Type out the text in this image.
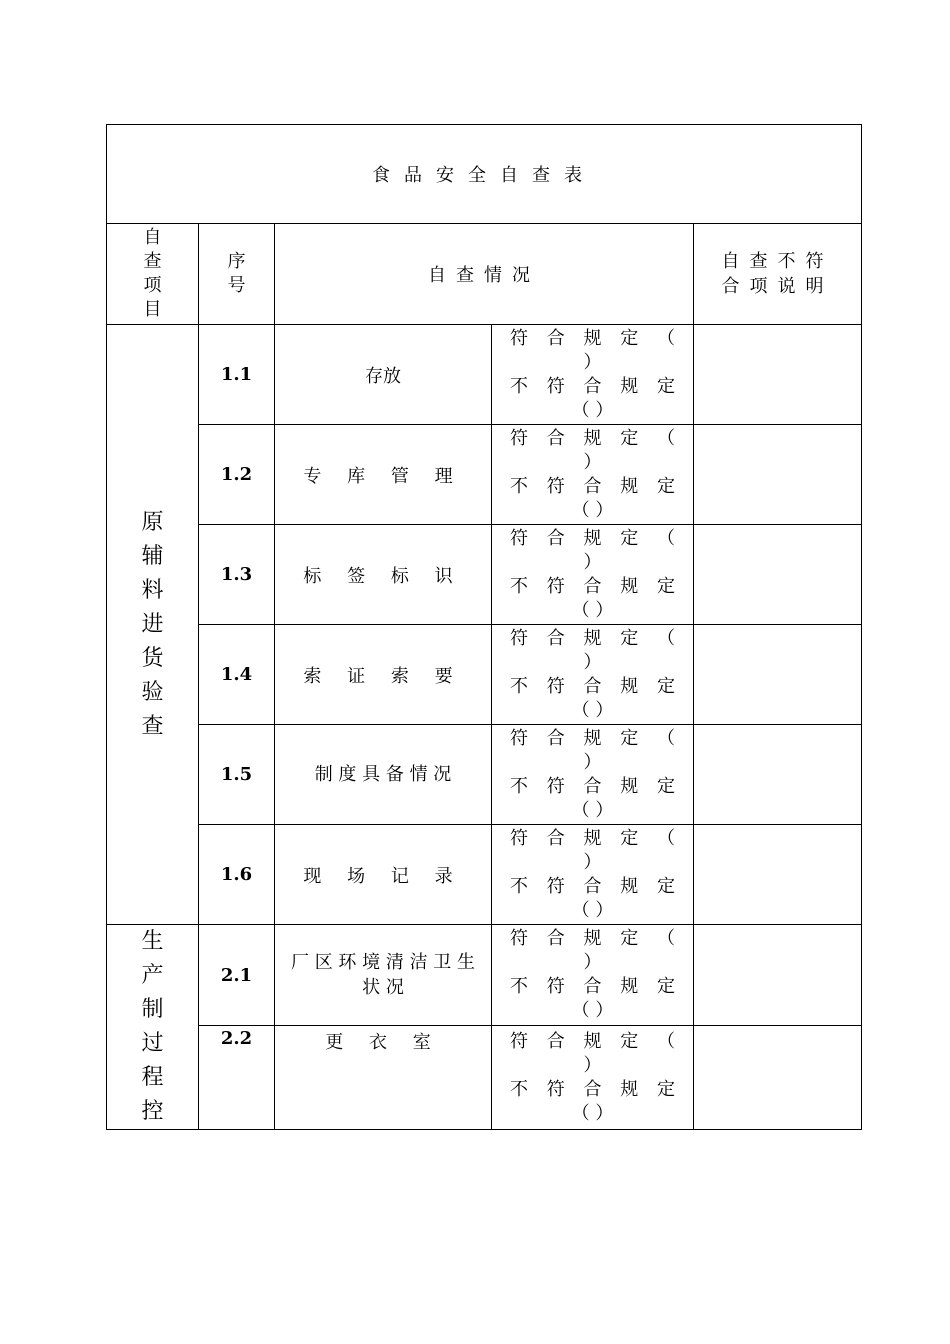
食品安全自查表				
自查项目	序号	自查情况		自查不符合项说明
原辅料进货验查	1.1	存放	符 合 规 定 （
）
不 符 合 规 定
（ ）	

	1.2	专 库 管 理	符 合 规 定 （
）
不 符 合 规 定
（ ）	

	1.3	标 签 标 识	符 合 规 定 （
）
不 符 合 规 定
（ ）	

	1.4	索 证 索 要	符 合 规 定 （
）
不 符 合 规 定
（ ）	

	1.5	制 度 具 备 情 况	符 合 规 定 （
）
不 符 合 规 定
（ ）	

	1.6	现 场 记 录	符 合 规 定 （
）
不 符 合 规 定
（ ）	

生产制过程控	2.1	厂 区 环 境 清 洁 卫 生 状 况	符 合 规 定 （
）
不 符 合 规 定
（ ）	

	2.2	更 衣 室	符 合 规 定 （
）
不 符 合 规 定
（ ）	
